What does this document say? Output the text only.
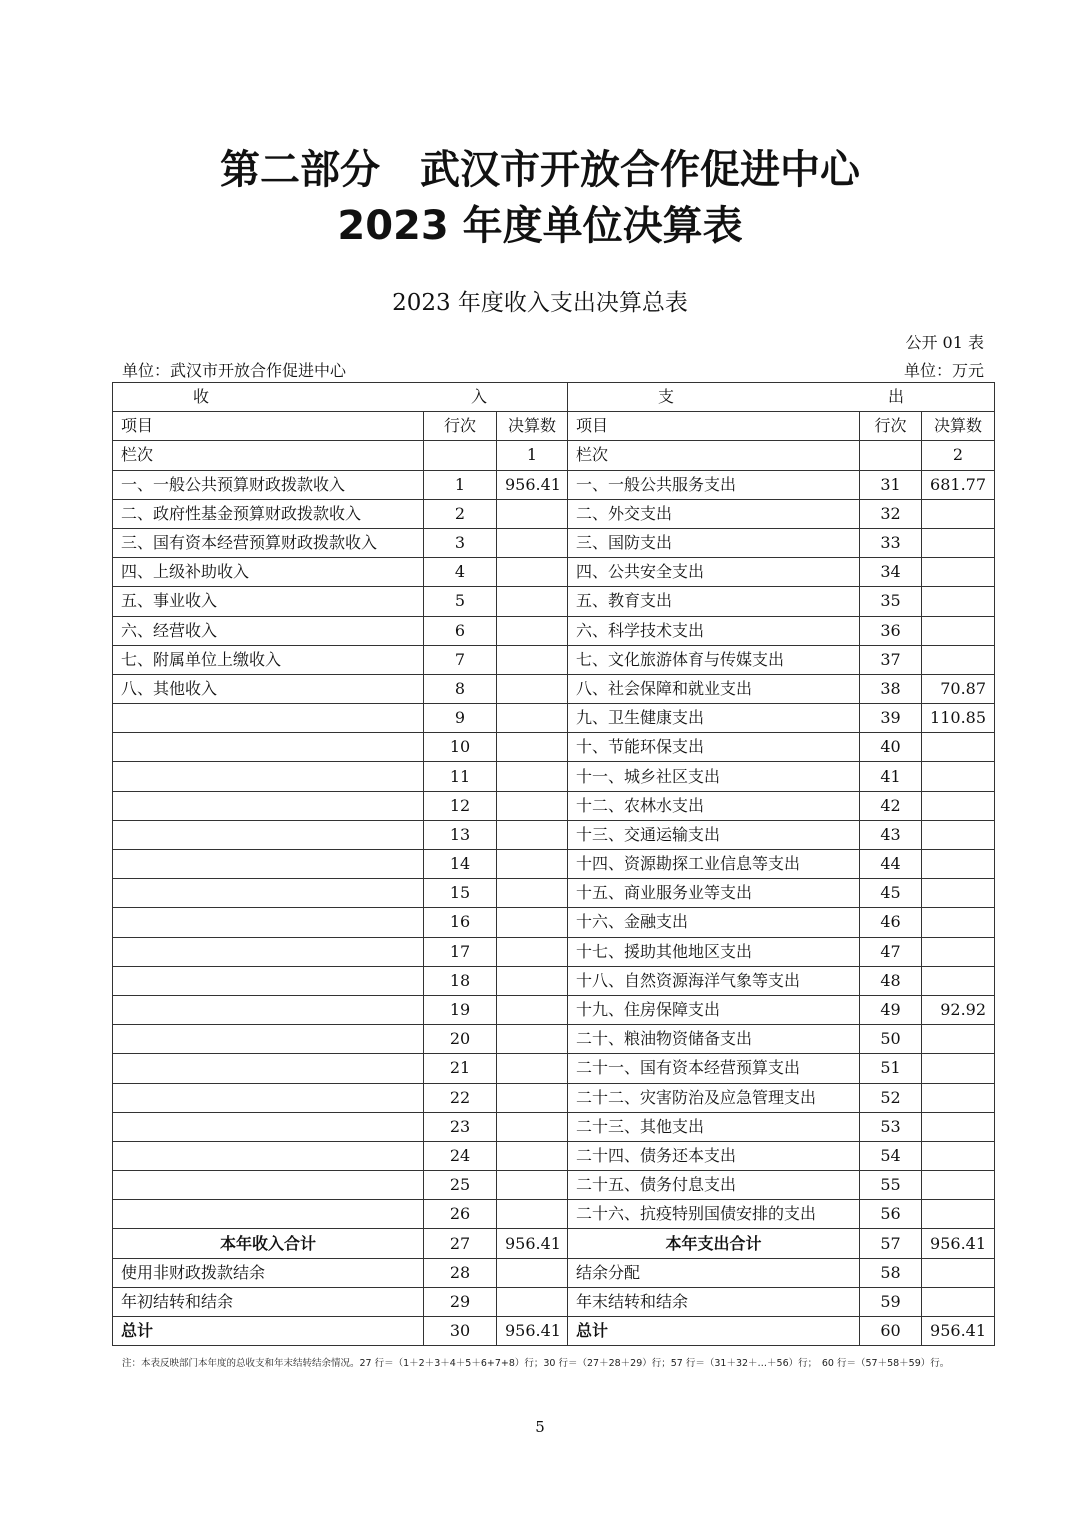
第二部分　武汉市开放合作促进中心
2023 年度单位决算表
2023 年度收入支出决算总表
公开 01 表
单位：武汉市开放合作促进中心	单位：万元
收 入			支 出		

项目	行次	决算数	项目	行次	决算数
栏次		1	栏次		2
一、一般公共预算财政拨款收入	1	956.41	一、一般公共服务支出	31	681.77
二、政府性基金预算财政拨款收入	2		二、外交支出	32	
三、国有资本经营预算财政拨款收入	3		三、国防支出	33	
四、上级补助收入	4		四、公共安全支出	34	
五、事业收入	5		五、教育支出	35	
六、经营收入	6		六、科学技术支出	36	
七、附属单位上缴收入	7		七、文化旅游体育与传媒支出	37	
八、其他收入	8		八、社会保障和就业支出	38	70.87
	9		九、卫生健康支出	39	110.85
	10		十、节能环保支出	40	
	11		十一、城乡社区支出	41	
	12		十二、农林水支出	42	
	13		十三、交通运输支出	43	
	14		十四、资源勘探工业信息等支出	44	
	15		十五、商业服务业等支出	45	
	16		十六、金融支出	46	
	17		十七、援助其他地区支出	47	
	18		十八、自然资源海洋气象等支出	48	
	19		十九、住房保障支出	49	92.92
	20		二十、粮油物资储备支出	50	
	21		二十一、国有资本经营预算支出	51	
	22		二十二、灾害防治及应急管理支出	52	
	23		二十三、其他支出	53	
	24		二十四、债务还本支出	54	
	25		二十五、债务付息支出	55	
	26		二十六、抗疫特别国债安排的支出	56	
本年收入合计	27	956.41	本年支出合计	57	956.41
使用非财政拨款结余	28		结余分配	58	
年初结转和结余	29		年末结转和结余	59	
总计	30	956.41	总计	60	956.41
注：本表反映部门本年度的总收支和年末结转结余情况。27 行＝（1＋2＋3＋4＋5＋6+7+8）行；30 行＝（27＋28＋29）行；57 行＝（31＋32＋…＋56）行；　60 行＝（57＋58＋59）行。
5
